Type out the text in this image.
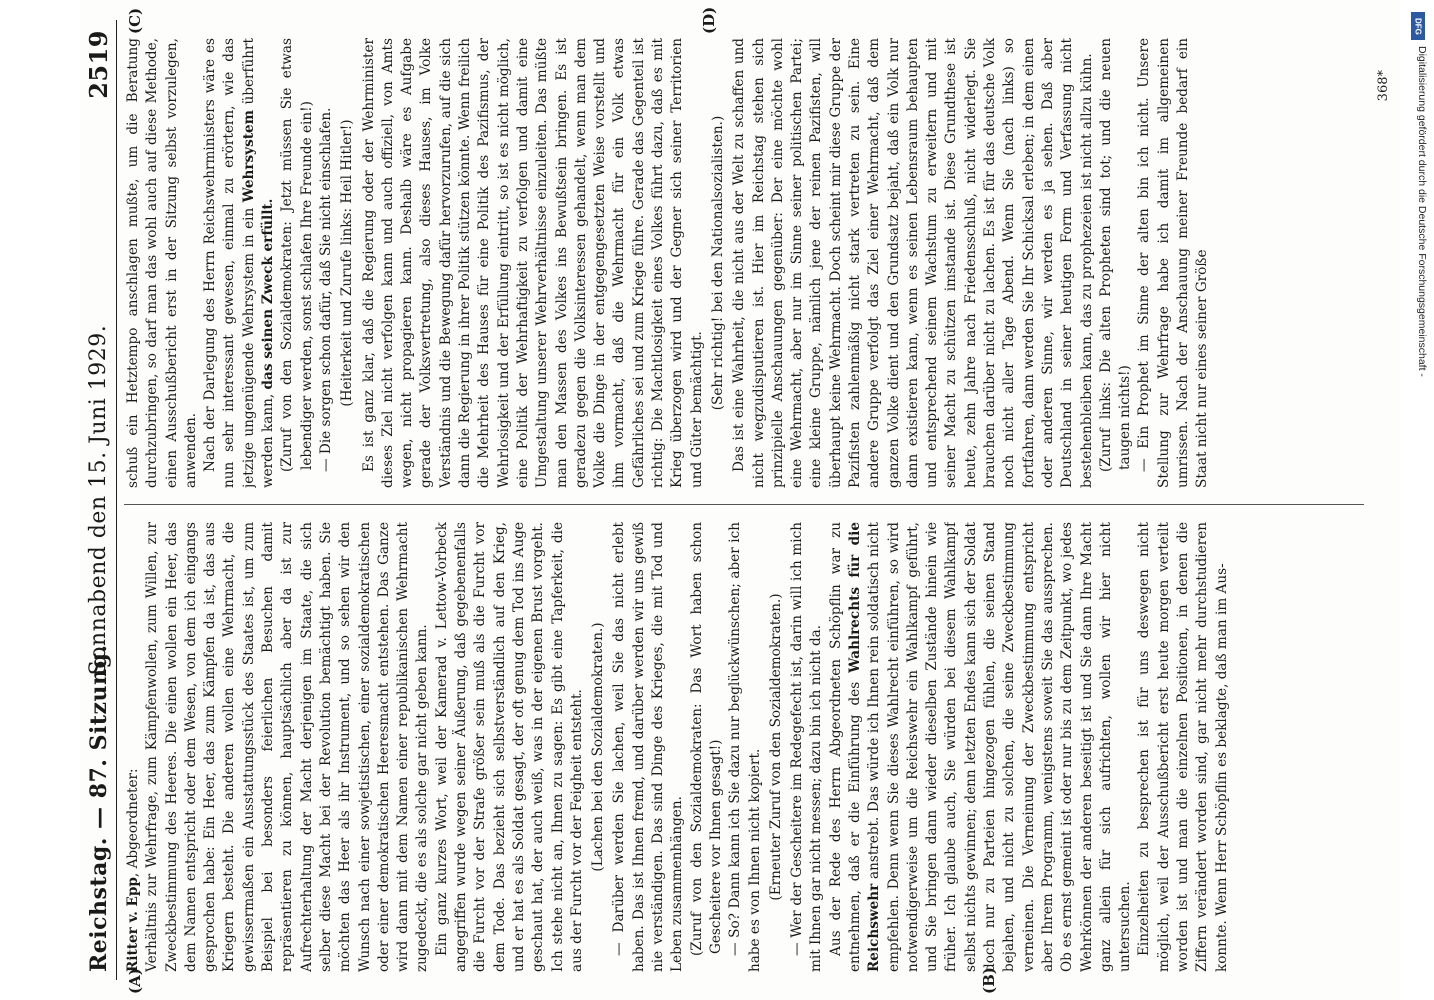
Reichstag. — 87. Sitzung.
Sonnabend den 15. Juni 1929.
2519

Ritter v. Epp, Abgeordneter: Verhältnis zur Wehrfrage, zum Kämpfenwollen, zum Willen, zur Zweckbestimmung des Heeres. Die einen wollen ein Heer, das dem Namen entspricht oder dem Wesen, von dem ich eingangs gesprochen habe: Ein Heer, das zum Kämpfen da ist, das aus Kriegern besteht. Die anderen wollen eine Wehrmacht, die gewissermaßen ein Ausstattungsstück des Staates ist, um zum Beispiel bei besonders feierlichen Besuchen damit repräsentieren zu können, hauptsächlich aber da ist zur Aufrechterhaltung der Macht derjenigen im Staate, die sich selber diese Macht bei der Revolution bemächtigt haben. Sie möchten das Heer als ihr Instrument, und so sehen wir den Wunsch nach einer sowjetistischen, einer sozialdemokratischen oder einer demokratischen Heeresmacht entstehen. Das Ganze wird dann mit dem Namen einer republikanischen Wehrmacht zugedeckt, die es als solche gar nicht geben kann. Ein ganz kurzes Wort, weil der Kamerad v. Lettow-Vorbeck angegriffen wurde wegen seiner Äußerung, daß gegebenenfalls die Furcht vor der Strafe größer sein muß als die Furcht vor dem Tode. Das bezieht sich selbstverständlich auf den Krieg, und er hat es als Soldat gesagt, der oft genug dem Tod ins Auge geschaut hat, der auch weiß, was in der eigenen Brust vorgeht. Ich stehe nicht an, Ihnen zu sagen: Es gibt eine Tapferkeit, die aus der Furcht vor der Feigheit entsteht. (Lachen bei den Sozialdemokraten.) — Darüber werden Sie lachen, weil Sie das nicht erlebt haben. Das ist Ihnen fremd, und darüber werden wir uns gewiß nie verständigen. Das sind Dinge des Krieges, die mit Tod und Leben zusammenhängen. (Zuruf von den Sozialdemokraten: Das Wort haben schon Gescheitere vor Ihnen gesagt!) — So? Dann kann ich Sie dazu nur beglückwünschen; aber ich habe es von Ihnen nicht kopiert. (Erneuter Zuruf von den Sozialdemokraten.) — Wer der Gescheitere im Redegefecht ist, darin will ich mich mit Ihnen gar nicht messen; dazu bin ich nicht da. Aus der Rede des Herrn Abgeordneten Schöpflin war zu entnehmen, daß er die Einführung des Wahlrechts für die Reichswehr anstrebt. Das würde ich Ihnen rein soldatisch nicht empfehlen. Denn wenn Sie dieses Wahlrecht einführen, so wird notwendigerweise um die Reichswehr ein Wahlkampf geführt, und Sie bringen dann wieder dieselben Zustände hinein wie früher. Ich glaube auch, Sie würden bei diesem Wahlkampf selbst nichts gewinnen; denn letzten Endes kann sich der Soldat doch nur zu Parteien hingezogen fühlen, die seinen Stand bejahen, und nicht zu solchen, die seine Zweckbestimmung verneinen. Die Verneinung der Zweckbestimmung entspricht aber Ihrem Programm, wenigstens soweit Sie das aussprechen. Ob es ernst gemeint ist oder nur bis zu dem Zeitpunkt, wo jedes Wehrkönnen der anderen beseitigt ist und Sie dann Ihre Macht ganz allein für sich aufrichten, wollen wir hier nicht untersuchen. Einzelheiten zu besprechen ist für uns deswegen nicht möglich, weil der Ausschußbericht erst heute morgen verteilt worden ist und man die einzelnen Positionen, in denen die Ziffern verändert worden sind, gar nicht mehr durchstudieren konnte. Wenn Herr Schöpflin es beklagte, daß man im Aus-

schuß ein Hetztempo anschlagen mußte, um die Beratung durchzubringen, so darf man das wohl auch auf diese Methode, einen Ausschußbericht erst in der Sitzung selbst vorzulegen, anwenden. Nach der Darlegung des Herrn Reichswehrministers wäre es nun sehr interessant gewesen, einmal zu erörtern, wie das jetzige ungenügende Wehrsystem in ein Wehrsystem überführt werden kann, das seinen Zweck erfüllt. (Zuruf von den Sozialdemokraten: Jetzt müssen Sie etwas lebendiger werden, sonst schlafen Ihre Freunde ein!) — Die sorgen schon dafür, daß Sie nicht einschlafen. (Heiterkeit und Zurufe links: Heil Hitler!) Es ist ganz klar, daß die Regierung oder der Wehrminister dieses Ziel nicht verfolgen kann und auch offiziell, von Amts wegen, nicht propagieren kann. Deshalb wäre es Aufgabe gerade der Volksvertretung, also dieses Hauses, im Volke Verständnis und die Bewegung dafür hervorzurufen, auf die sich dann die Regierung in ihrer Politik stützen könnte. Wenn freilich die Mehrheit des Hauses für eine Politik des Pazifismus, der Wehrlosigkeit und der Erfüllung eintritt, so ist es nicht möglich, eine Politik der Wehrhaftigkeit zu verfolgen und damit eine Umgestaltung unserer Wehrverhältnisse einzuleiten. Das müßte man den Massen des Volkes ins Bewußtsein bringen. Es ist geradezu gegen die Volksinteressen gehandelt, wenn man dem Volke die Dinge in der entgegengesetzten Weise vorstellt und ihm vormacht, daß die Wehrmacht für ein Volk etwas Gefährliches sei und zum Kriege führe. Gerade das Gegenteil ist richtig: Die Machtlosigkeit eines Volkes führt dazu, daß es mit Krieg überzogen wird und der Gegner sich seiner Territorien und Güter bemächtigt. (Sehr richtig! bei den Nationalsozialisten.) Das ist eine Wahrheit, die nicht aus der Welt zu schaffen und nicht wegzudisputieren ist. Hier im Reichstag stehen sich prinzipielle Anschauungen gegenüber: Der eine möchte wohl eine Wehrmacht, aber nur im Sinne seiner politischen Partei; eine kleine Gruppe, nämlich jene der reinen Pazifisten, will überhaupt keine Wehrmacht. Doch scheint mir diese Gruppe der Pazifisten zahlenmäßig nicht stark vertreten zu sein. Eine andere Gruppe verfolgt das Ziel einer Wehrmacht, daß dem ganzen Volke dient und den Grundsatz bejaht, daß ein Volk nur dann existieren kann, wenn es seinen Lebensraum behaupten und entsprechend seinem Wachstum zu erweitern und mit seiner Macht zu schützen imstande ist. Diese Grundthese ist heute, zehn Jahre nach Friedensschluß, nicht widerlegt. Sie brauchen darüber nicht zu lachen. Es ist für das deutsche Volk noch nicht aller Tage Abend. Wenn Sie (nach links) so fortfahren, dann werden Sie Ihr Schicksal erleben; in dem einen oder anderen Sinne, wir werden es ja sehen. Daß aber Deutschland in seiner heutigen Form und Verfassung nicht bestehenbleiben kann, das zu prophezeien ist nicht allzu kühn. (Zuruf links: Die alten Propheten sind tot; und die neuen taugen nichts!) — Ein Prophet im Sinne der alten bin ich nicht. Unsere Stellung zur Wehrfrage habe ich damit im allgemeinen umrissen. Nach der Anschauung meiner Freunde bedarf ein Staat nicht nur eines seiner Größe

(A)	(B)
(C)	(D)
368*
DFG
Digitalisierung gefördert durch die Deutsche Forschungsgemeinschaft -
